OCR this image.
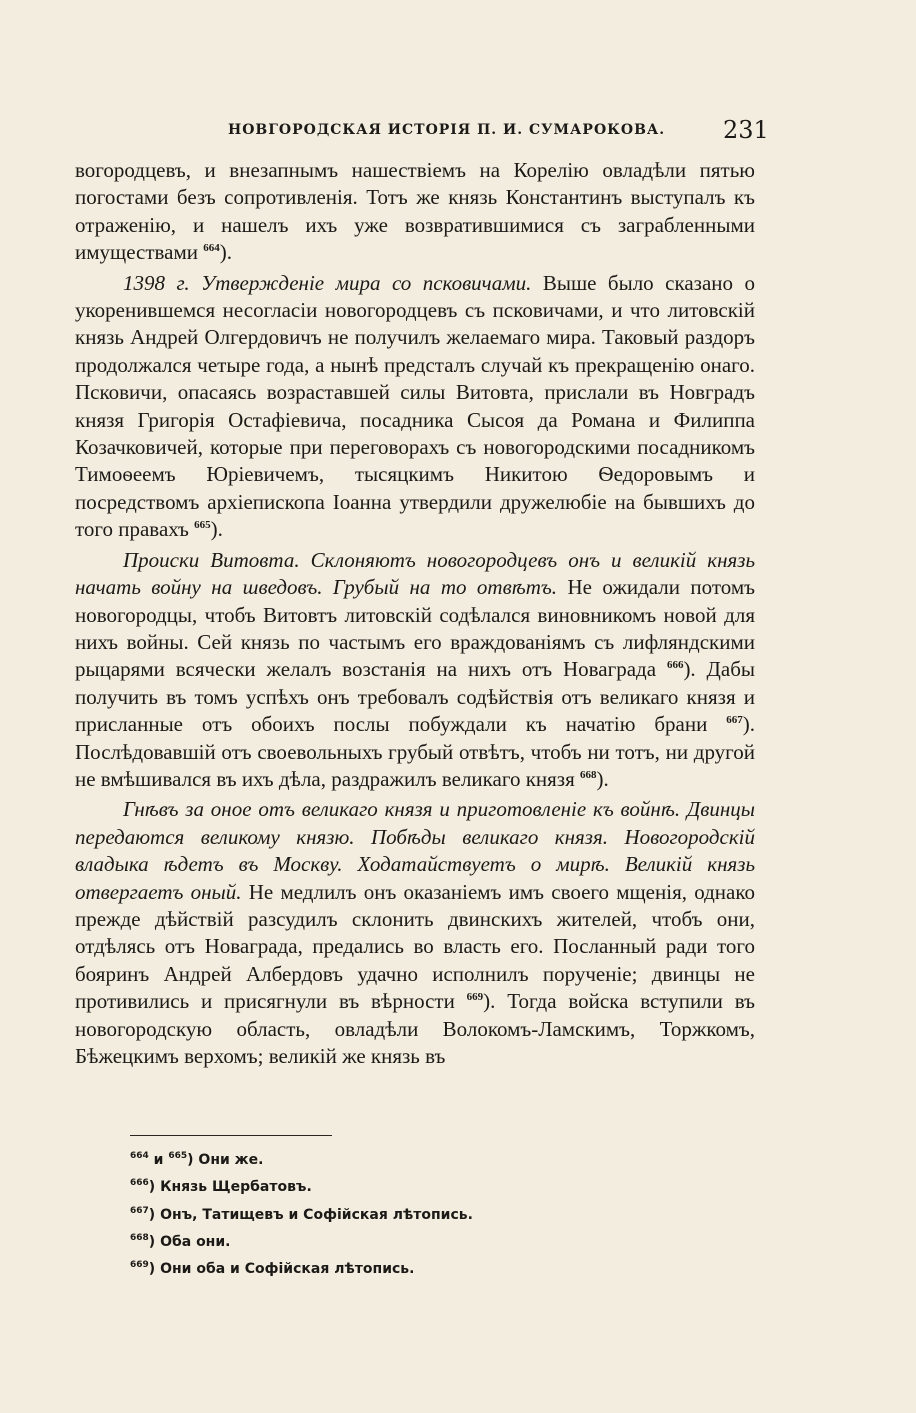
НОВГОРОДСКАЯ ИСТОРІЯ П. И. СУМАРОКОВА. 231

вогородцевъ, и внезапнымъ нашествіемъ на Корелію овладѣли пятью погостами безъ сопротивленія. Тотъ же князь Константинъ выступалъ къ отраженію, и нашелъ ихъ уже возвратившимися съ заграбленными имуществами $^{664}$).

1398 г. Утвержденіе мира со псковичами. Выше было сказано о укоренившемся несогласіи новогородцевъ съ псковичами, и что литовскій князь Андрей Олгердовичъ не получилъ желаемаго мира. Таковый раздоръ продолжался четыре года, а нынѣ предсталъ случай къ прекращенію онаго. Псковичи, опасаясь возраставшей силы Витовта, прислали въ Новградъ князя Григорія Остафіевича, посадника Сысоя да Романа и Филиппа Козачковичей, которые при переговорахъ съ новогородскими посадникомъ Тимоѳеемъ Юріевичемъ, тысяцкимъ Никитою Ѳедоровымъ и посредствомъ архіепископа Іоанна утвердили дружелюбіе на бывшихъ до того правахъ $^{665}$).

Происки Витовта. Склоняютъ новогородцевъ онъ и великій князь начать войну на шведовъ. Грубый на то отвѣтъ. Не ожидали потомъ новогородцы, чтобъ Витовтъ литовскій содѣлался виновникомъ новой для нихъ войны. Сей князь по частымъ его враждованіямъ съ лифляндскими рыцарями всячески желалъ возстанія на нихъ отъ Новаграда $^{666}$). Дабы получить въ томъ успѣхъ онъ требовалъ содѣйствія отъ великаго князя и присланные отъ обоихъ послы побуждали къ начатію брани $^{667}$). Послѣдовавшій отъ своевольныхъ грубый отвѣтъ, чтобъ ни тотъ, ни другой не вмѣшивался въ ихъ дѣла, раздражилъ великаго князя $^{668}$).

Гнѣвъ за оное отъ великаго князя и приготовленіе къ войнѣ. Двинцы передаются великому князю. Побѣды великаго князя. Новогородскій владыка ѣдетъ въ Москву. Ходатайствуетъ о мирѣ. Великій князь отвергаетъ оный. Не медлилъ онъ оказаніемъ имъ своего мщенія, однако прежде дѣйствій разсудилъ склонить двинскихъ жителей, чтобъ они, отдѣлясь отъ Новаграда, предались во власть его. Посланный ради того бояринъ Андрей Албердовъ удачно исполнилъ порученіе; двинцы не противились и присягнули въ вѣрности $^{669}$). Тогда войска вступили въ новогородскую область, овладѣли Волокомъ-Ламскимъ, Торжкомъ, Бѣжецкимъ верхомъ; великій же князь въ

$^{664}$ и $^{665}$) Они же.
$^{666}$) Князь Щербатовъ.
$^{667}$) Онъ, Татищевъ и Софійская лѣтопись.
$^{668}$) Оба они.
$^{669}$) Они оба и Софійская лѣтопись.
